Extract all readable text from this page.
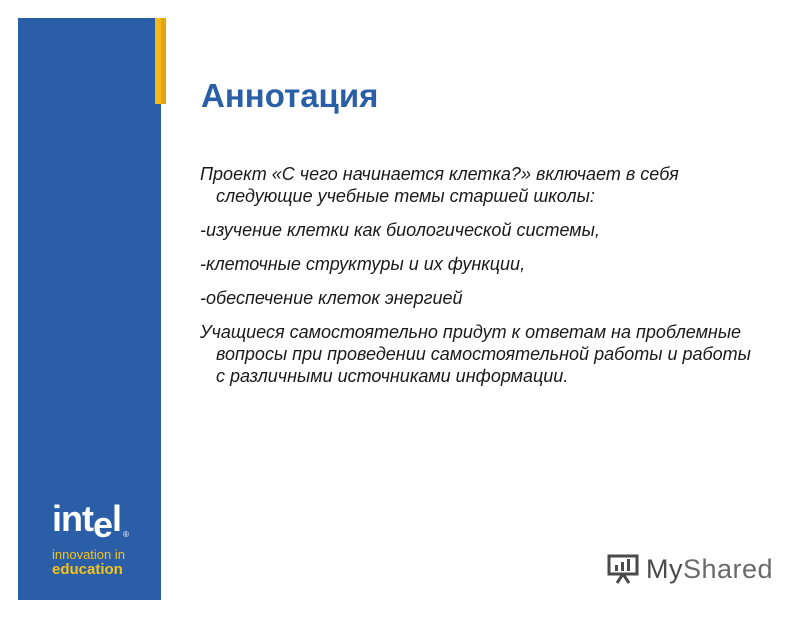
intel ®
innovation in
education
Аннотация

Проект «С чего начинается клетка?» включает в себя следующие учебные темы старшей школы:

-изучение клетки как биологической системы,

-клеточные структуры и их функции,

-обеспечение клеток энергией

Учащиеся самостоятельно придут к ответам на проблемные вопросы при проведении самостоятельной работы и работы с различными источниками информации.

MyShared
